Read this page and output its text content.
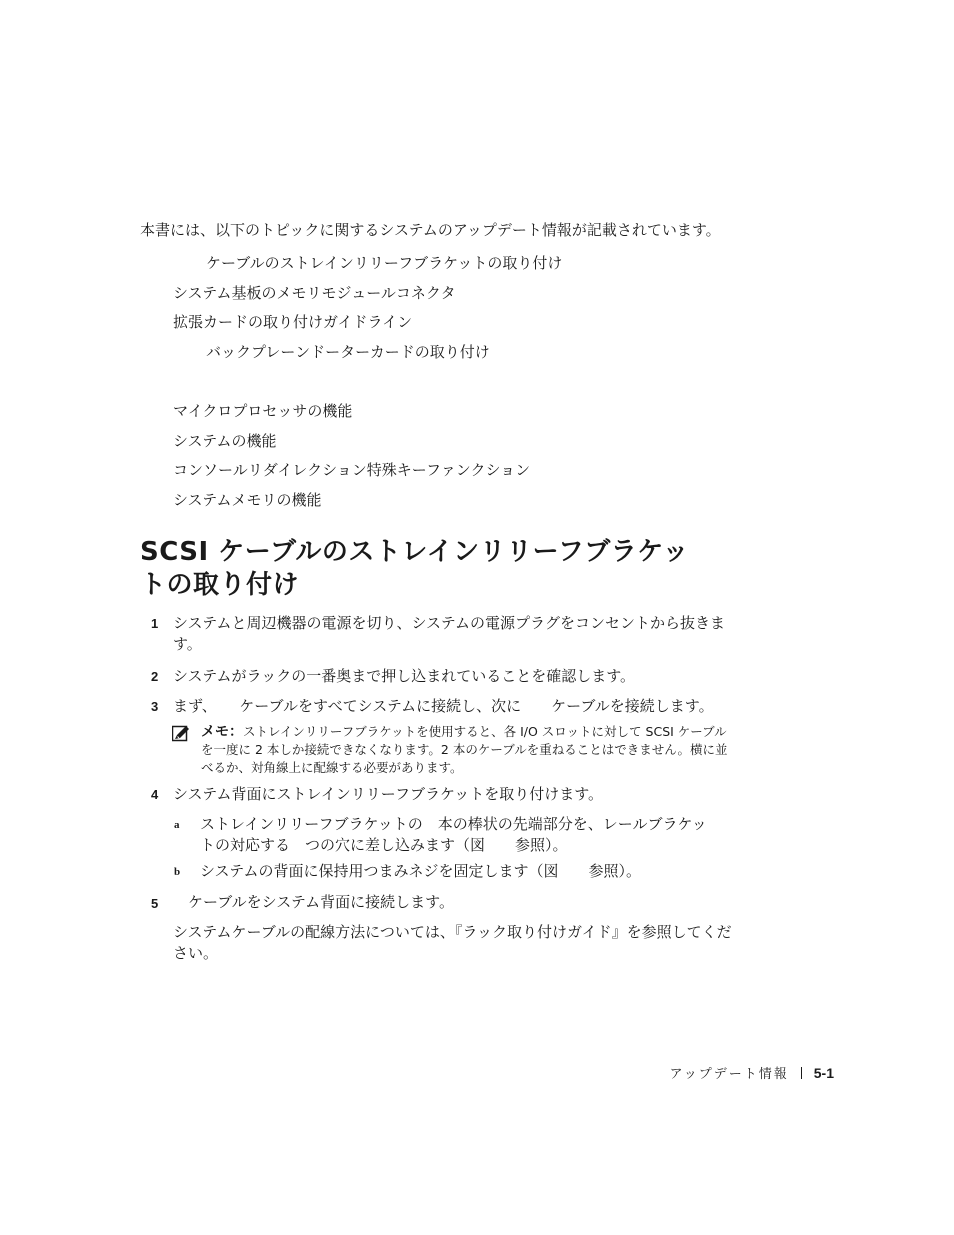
本書には、以下のトピックに関するシステムのアップデート情報が記載されています。
ケーブルのストレインリリーフブラケットの取り付け
システム基板のメモリモジュールコネクタ
拡張カードの取り付けガイドライン
バックプレーンドーターカードの取り付け
マイクロプロセッサの機能
システムの機能
コンソールリダイレクション特殊キーファンクション
システムメモリの機能
SCSI ケーブルのストレインリリーフブラケッ
トの取り付け
1 システムと周辺機器の電源を切り、システムの電源プラグをコンセントから抜きます。
2 システムがラックの一番奥まで押し込まれていることを確認します。
3 まず、　　ケーブルをすべてシステムに接続し、次に　　ケーブルを接続します。
メモ：ストレインリリーフブラケットを使用すると、各 I/O スロットに対して SCSI ケーブルを一度に 2 本しか接続できなくなります。2 本のケーブルを重ねることはできません。横に並べるか、対角線上に配線する必要があります。
4 システム背面にストレインリリーフブラケットを取り付けます。
a ストレインリリーフブラケットの　本の棒状の先端部分を、レールブラケットの対応する　つの穴に差し込みます（図　　参照）。
b システムの背面に保持用つまみネジを固定します（図　　参照）。
5 　ケーブルをシステム背面に接続します。
システムケーブルの配線方法については、『ラック取り付けガイド』を参照してください。
アップデート情報 5-1
